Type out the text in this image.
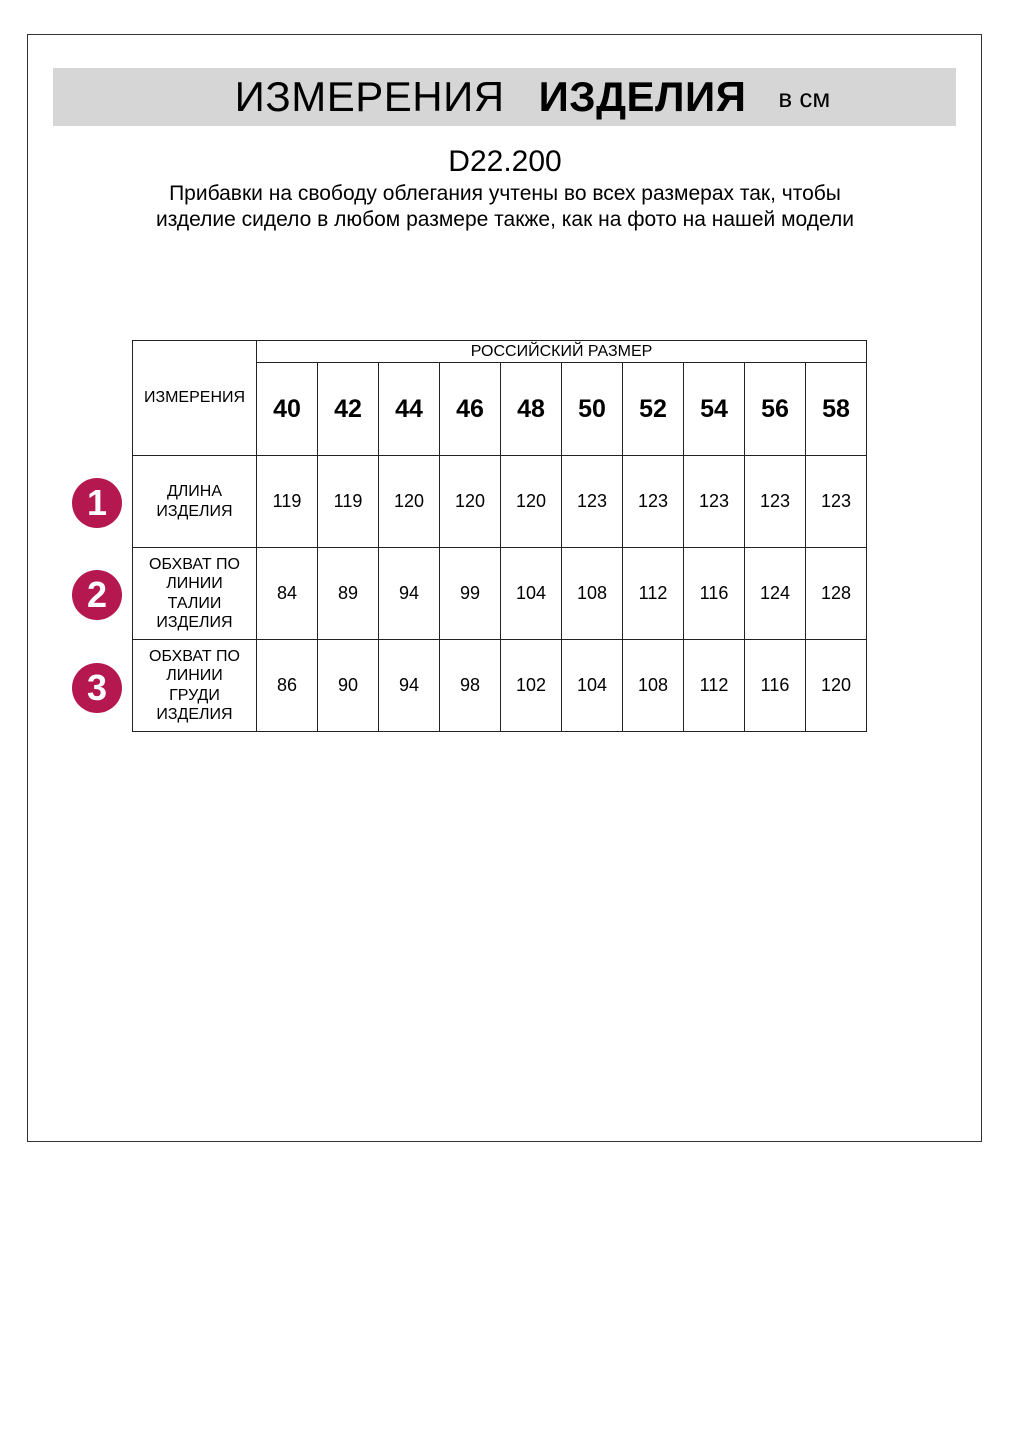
ИЗМЕРЕНИЯ ИЗДЕЛИЯ в см
D22.200
Прибавки на свободу облегания учтены во всех размерах так, чтобы изделие сидело в любом размере также, как на фото на нашей модели
1
2
3
ИЗМЕРЕНИЯ	РОССИЙСКИЙ РАЗМЕР									
	40	42	44	46	48	50	52	54	56	58

ДЛИНА
ИЗДЕЛИЯ	119	119	120	120	120	123	123	123	123	123

ОБХВАТ ПО
ЛИНИИ
ТАЛИИ
ИЗДЕЛИЯ	84	89	94	99	104	108	112	116	124	128

ОБХВАТ ПО
ЛИНИИ
ГРУДИ
ИЗДЕЛИЯ	86	90	94	98	102	104	108	112	116	120
